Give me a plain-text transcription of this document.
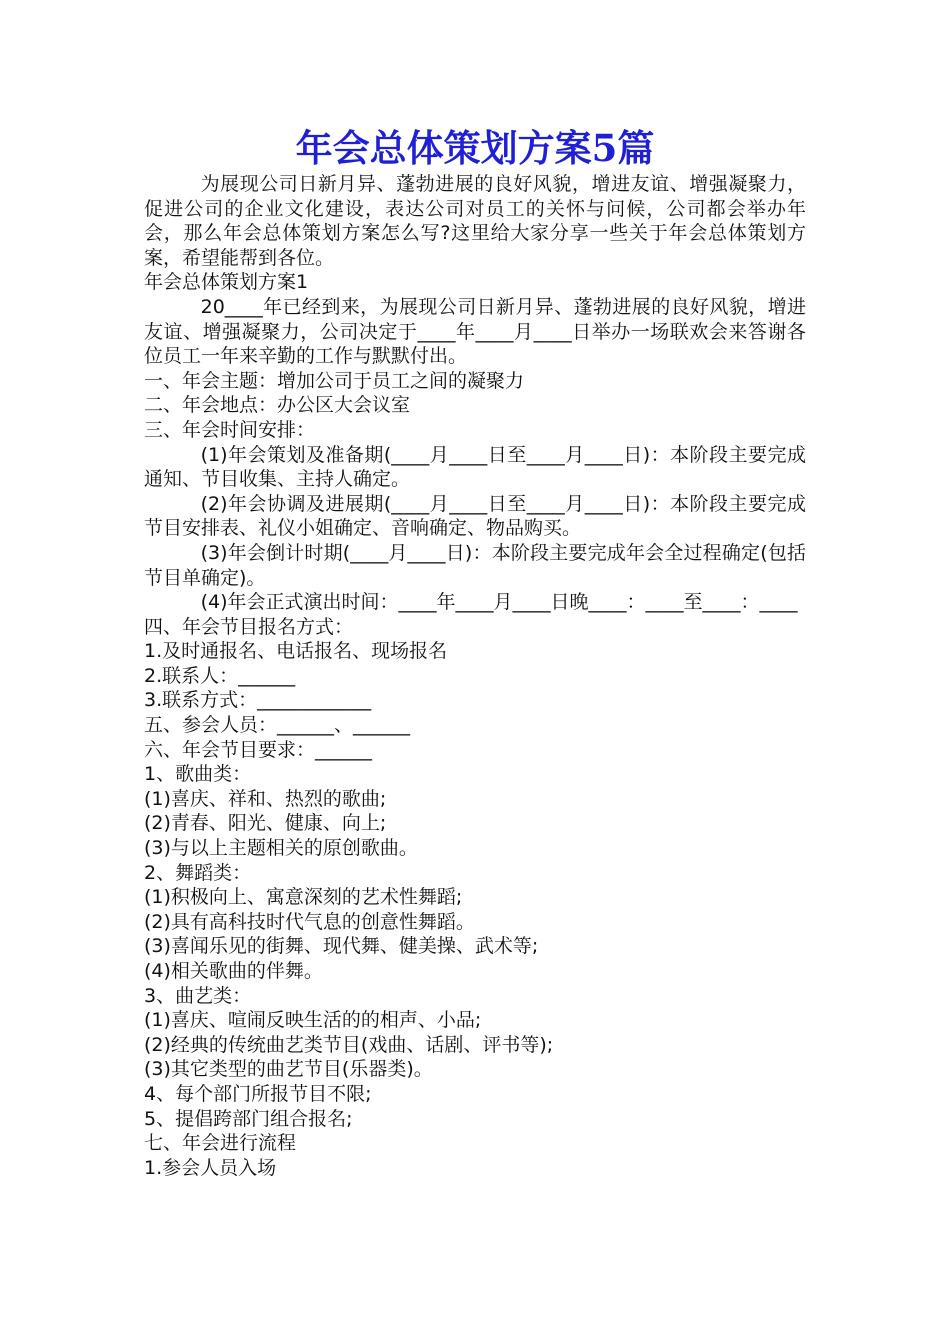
年会总体策划方案5篇

为展现公司日新月异、蓬勃进展的良好风貌，增进友谊、增强凝聚力，促进公司的企业文化建设，表达公司对员工的关怀与问候，公司都会举办年会，那么年会总体策划方案怎么写?这里给大家分享一些关于年会总体策划方案，希望能帮到各位。

年会总体策划方案1

20____年已经到来，为展现公司日新月异、蓬勃进展的良好风貌，增进友谊、增强凝聚力，公司决定于____年____月____日举办一场联欢会来答谢各位员工一年来辛勤的工作与默默付出。

一、年会主题：增加公司于员工之间的凝聚力

二、年会地点：办公区大会议室

三、年会时间安排：

(1)年会策划及准备期(____月____日至____月____日)：本阶段主要完成通知、节目收集、主持人确定。

(2)年会协调及进展期(____月____日至____月____日)：本阶段主要完成节目安排表、礼仪小姐确定、音响确定、物品购买。

(3)年会倒计时期(____月____日)：本阶段主要完成年会全过程确定(包括节目单确定)。

(4)年会正式演出时间：____年____月____日晚____：____至____：____

四、年会节目报名方式：

1.及时通报名、电话报名、现场报名

2.联系人：______

3.联系方式：____________

五、参会人员：______、______

六、年会节目要求：______

1、歌曲类：

(1)喜庆、祥和、热烈的歌曲;

(2)青春、阳光、健康、向上;

(3)与以上主题相关的原创歌曲。

2、舞蹈类：

(1)积极向上、寓意深刻的艺术性舞蹈;

(2)具有高科技时代气息的创意性舞蹈。

(3)喜闻乐见的街舞、现代舞、健美操、武术等;

(4)相关歌曲的伴舞。

3、曲艺类：

(1)喜庆、喧闹反映生活的的相声、小品;

(2)经典的传统曲艺类节目(戏曲、话剧、评书等);

(3)其它类型的曲艺节目(乐器类)。

4、每个部门所报节目不限;

5、提倡跨部门组合报名;

七、年会进行流程

1.参会人员入场
